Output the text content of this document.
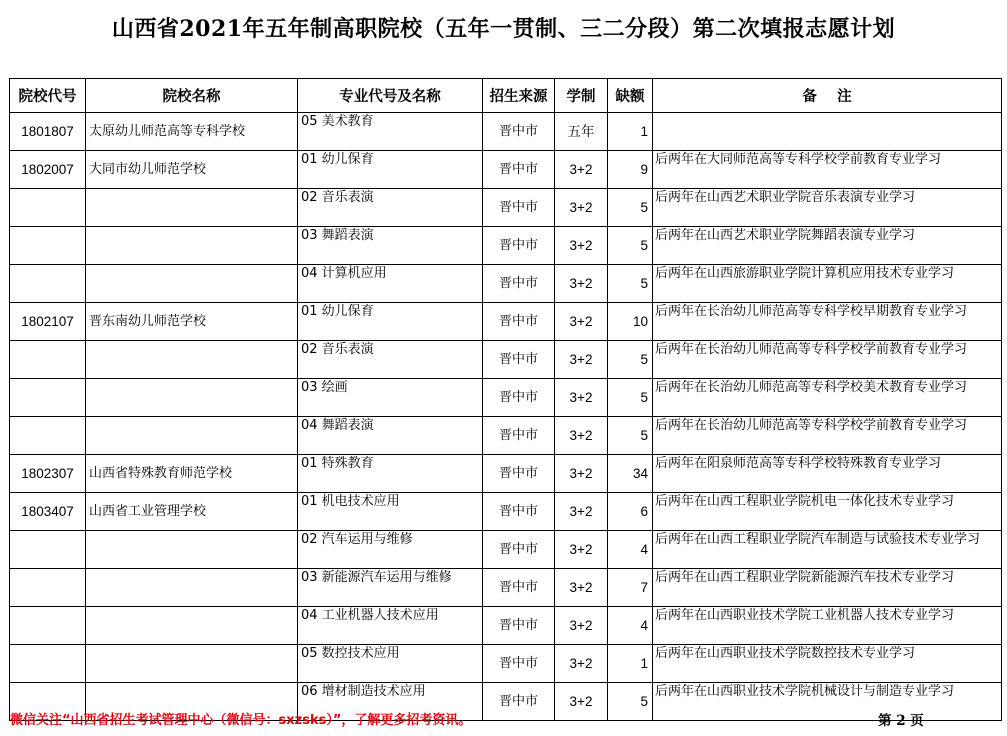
山西省2021年五年制高职院校（五年一贯制、三二分段）第二次填报志愿计划
院校代号	院校名称	专业代号及名称	招生来源	学制	缺额	备    注
1801807	太原幼儿师范高等专科学校	05 美术教育	晋中市	五年	1	
1802007	大同市幼儿师范学校	01 幼儿保育	晋中市	3+2	9	后两年在大同师范高等专科学校学前教育专业学习
		02 音乐表演	晋中市	3+2	5	后两年在山西艺术职业学院音乐表演专业学习
		03 舞蹈表演	晋中市	3+2	5	后两年在山西艺术职业学院舞蹈表演专业学习
		04 计算机应用	晋中市	3+2	5	后两年在山西旅游职业学院计算机应用技术专业学习
1802107	晋东南幼儿师范学校	01 幼儿保育	晋中市	3+2	10	后两年在长治幼儿师范高等专科学校早期教育专业学习
		02 音乐表演	晋中市	3+2	5	后两年在长治幼儿师范高等专科学校学前教育专业学习
		03 绘画	晋中市	3+2	5	后两年在长治幼儿师范高等专科学校美术教育专业学习
		04 舞蹈表演	晋中市	3+2	5	后两年在长治幼儿师范高等专科学校学前教育专业学习
1802307	山西省特殊教育师范学校	01 特殊教育	晋中市	3+2	34	后两年在阳泉师范高等专科学校特殊教育专业学习
1803407	山西省工业管理学校	01 机电技术应用	晋中市	3+2	6	后两年在山西工程职业学院机电一体化技术专业学习
		02 汽车运用与维修	晋中市	3+2	4	后两年在山西工程职业学院汽车制造与试验技术专业学习
		03 新能源汽车运用与维修	晋中市	3+2	7	后两年在山西工程职业学院新能源汽车技术专业学习
		04 工业机器人技术应用	晋中市	3+2	4	后两年在山西职业技术学院工业机器人技术专业学习
		05 数控技术应用	晋中市	3+2	1	后两年在山西职业技术学院数控技术专业学习
		06 增材制造技术应用	晋中市	3+2	5	后两年在山西职业技术学院机械设计与制造专业学习
微信关注“山西省招生考试管理中心（微信号：sxzsks）”，了解更多招考资讯。	第 2 页
